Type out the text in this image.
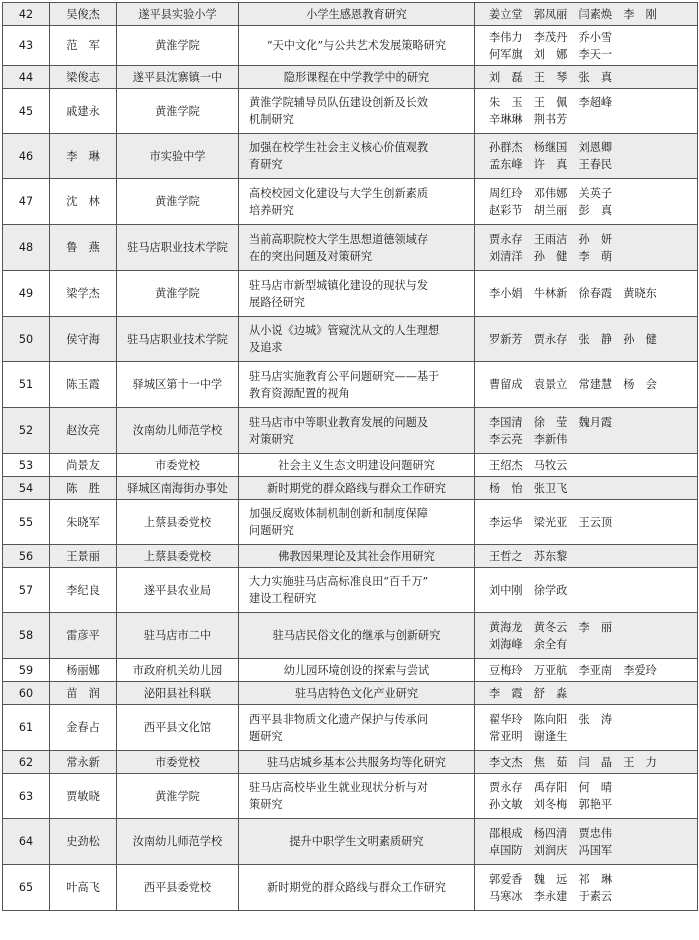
42	吴俊杰	遂平县实验小学	小学生感恩教育研究	姜立堂　郭凤丽　闫素焕　李　刚
43	范　军	黄淮学院	“天中文化”与公共艺术发展策略研究	李伟力　李茂丹　乔小雪
何军旗　刘　娜　李天一
44	梁俊志	遂平县沈寨镇一中	隐形课程在中学教学中的研究	刘　磊　王　琴　张　真
45	戚建永	黄淮学院	黄淮学院辅导员队伍建设创新及长效
机制研究	朱　玉　王　佩　李超峰
辛琳琳　荆书芳
46	李　琳	市实验中学	加强在校学生社会主义核心价值观教
育研究	孙群杰　杨继国　刘恩卿
孟东峰　许　真　王春民
47	沈　林	黄淮学院	高校校园文化建设与大学生创新素质
培养研究	周红玲　邓伟娜　关英子
赵彩节　胡兰丽　彭　真
48	鲁　燕	驻马店职业技术学院	当前高职院校大学生思想道德领域存
在的突出问题及对策研究	贾永存　王雨洁　孙　妍
刘清洋　孙　健　李　萌
49	梁学杰	黄淮学院	驻马店市新型城镇化建设的现状与发
展路径研究	李小娟　牛林新　徐春霞　黄晓东
50	侯守海	驻马店职业技术学院	从小说《边城》管窥沈从文的人生理想
及追求	罗新芳　贾永存　张　静　孙　健
51	陈玉霞	驿城区第十一中学	驻马店实施教育公平问题研究——基于
教育资源配置的视角	曹留成　袁景立　常建慧　杨　会
52	赵汝亮	汝南幼儿师范学校	驻马店市中等职业教育发展的问题及
对策研究	李国清　徐　莹　魏月霞
李云亮　李新伟
53	尚景友	市委党校	社会主义生态文明建设问题研究	王绍杰　马牧云
54	陈　胜	驿城区南海街办事处	新时期党的群众路线与群众工作研究	杨　怡　张卫飞
55	朱晓军	上蔡县委党校	加强反腐败体制机制创新和制度保障
问题研究	李运华　梁光亚　王云顶
56	王景丽	上蔡县委党校	佛教因果理论及其社会作用研究	王哲之　苏东黎
57	李纪良	遂平县农业局	大力实施驻马店高标准良田“百千万”
建设工程研究	刘中刚　徐学政
58	雷彦平	驻马店市二中	驻马店民俗文化的继承与创新研究	黄海龙　黄冬云　李　丽
刘海峰　余全有
59	杨丽娜	市政府机关幼儿园	幼儿园环境创设的探索与尝试	豆梅玲　万亚航　李亚南　李爱玲
60	苗　润	泌阳县社科联	驻马店特色文化产业研究	李　霞　舒　淼
61	金春占	西平县文化馆	西平县非物质文化遗产保护与传承问
题研究	翟华玲　陈向阳　张　涛
常亚明　谢逢生
62	常永新	市委党校	驻马店城乡基本公共服务均等化研究	李文杰　焦　茹　闫　晶　王　力
63	贾敏晓	黄淮学院	驻马店高校毕业生就业现状分析与对
策研究	贾永存　禹存阳　何　晴
孙文敏　刘冬梅　郭艳平
64	史劲松	汝南幼儿师范学校	提升中职学生文明素质研究	邵根成　杨四清　贾忠伟
卓国防　刘润庆　冯国军
65	叶高飞	西平县委党校	新时期党的群众路线与群众工作研究	郭爱香　魏　远　祁　琳
马寒冰　李永建　于素云
